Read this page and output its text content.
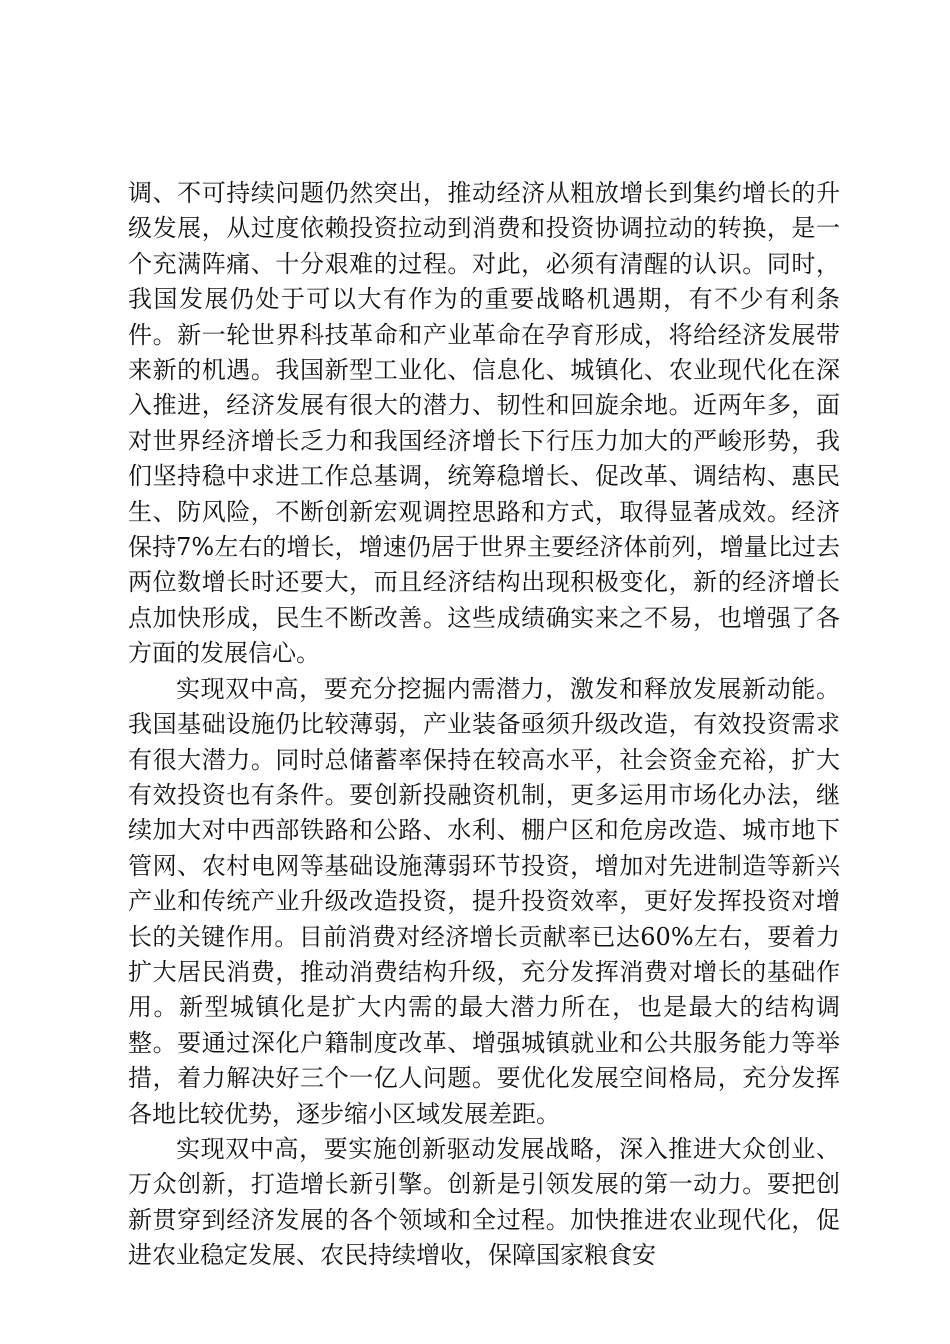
调、不可持续问题仍然突出，推动经济从粗放增长到集约增长的升级发展，从过度依赖投资拉动到消费和投资协调拉动的转换，是一个充满阵痛、十分艰难的过程。对此，必须有清醒的认识。同时，我国发展仍处于可以大有作为的重要战略机遇期，有不少有利条件。新一轮世界科技革命和产业革命在孕育形成，将给经济发展带来新的机遇。我国新型工业化、信息化、城镇化、农业现代化在深入推进，经济发展有很大的潜力、韧性和回旋余地。近两年多，面对世界经济增长乏力和我国经济增长下行压力加大的严峻形势，我们坚持稳中求进工作总基调，统筹稳增长、促改革、调结构、惠民生、防风险，不断创新宏观调控思路和方式，取得显著成效。经济保持7%左右的增长，增速仍居于世界主要经济体前列，增量比过去两位数增长时还要大，而且经济结构出现积极变化，新的经济增长点加快形成，民生不断改善。这些成绩确实来之不易，也增强了各方面的发展信心。

实现双中高，要充分挖掘内需潜力，激发和释放发展新动能。我国基础设施仍比较薄弱，产业装备亟须升级改造，有效投资需求有很大潜力。同时总储蓄率保持在较高水平，社会资金充裕，扩大有效投资也有条件。要创新投融资机制，更多运用市场化办法，继续加大对中西部铁路和公路、水利、棚户区和危房改造、城市地下管网、农村电网等基础设施薄弱环节投资，增加对先进制造等新兴产业和传统产业升级改造投资，提升投资效率，更好发挥投资对增长的关键作用。目前消费对经济增长贡献率已达60%左右，要着力扩大居民消费，推动消费结构升级，充分发挥消费对增长的基础作用。新型城镇化是扩大内需的最大潜力所在，也是最大的结构调整。要通过深化户籍制度改革、增强城镇就业和公共服务能力等举措，着力解决好三个一亿人问题。要优化发展空间格局，充分发挥各地比较优势，逐步缩小区域发展差距。

实现双中高，要实施创新驱动发展战略，深入推进大众创业、万众创新，打造增长新引擎。创新是引领发展的第一动力。要把创新贯穿到经济发展的各个领域和全过程。加快推进农业现代化，促进农业稳定发展、农民持续增收，保障国家粮食安
